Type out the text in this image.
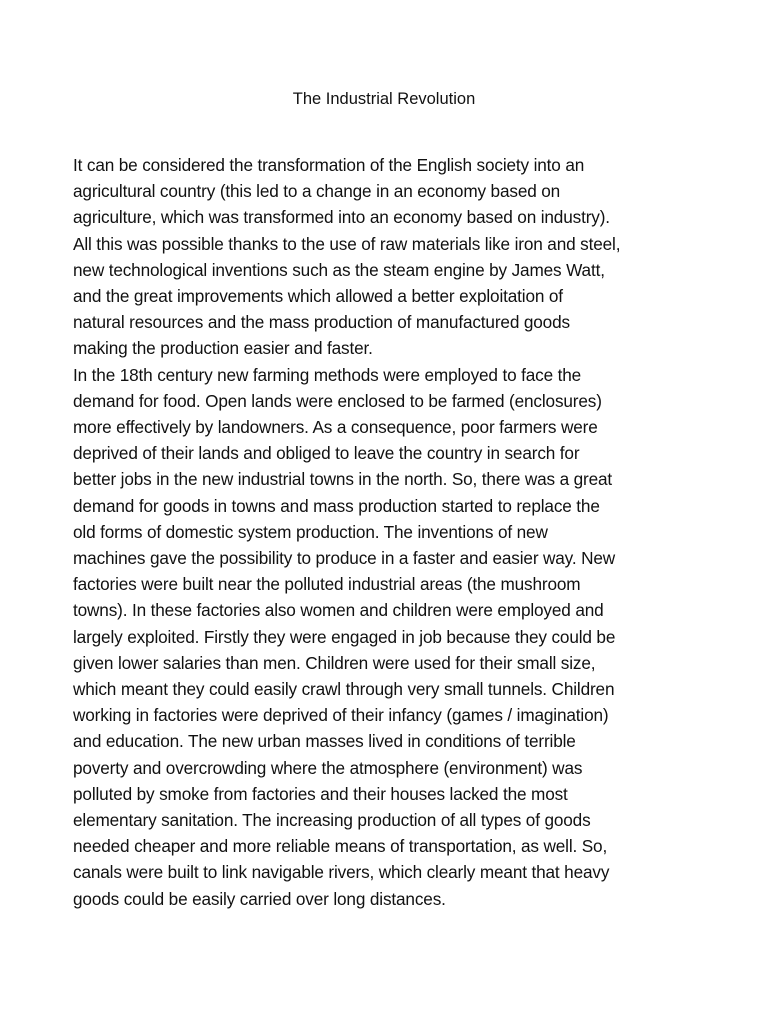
The Industrial Revolution
It can be considered the transformation of the English society into an
agricultural country (this led to a change in an economy based on
agriculture, which was transformed into an economy based on industry).
All this was possible thanks to the use of raw materials like iron and steel,
new technological inventions such as the steam engine by James Watt,
and the great improvements which allowed a better exploitation of
natural resources and the mass production of manufactured goods
making the production easier and faster.
In the 18th century new farming methods were employed to face the
demand for food. Open lands were enclosed to be farmed (enclosures)
more effectively by landowners. As a consequence, poor farmers were
deprived of their lands and obliged to leave the country in search for
better jobs in the new industrial towns in the north. So, there was a great
demand for goods in towns and mass production started to replace the
old forms of domestic system production. The inventions of new
machines gave the possibility to produce in a faster and easier way. New
factories were built near the polluted industrial areas (the mushroom
towns). In these factories also women and children were employed and
largely exploited. Firstly they were engaged in job because they could be
given lower salaries than men. Children were used for their small size,
which meant they could easily crawl through very small tunnels. Children
working in factories were deprived of their infancy (games / imagination)
and education. The new urban masses lived in conditions of terrible
poverty and overcrowding where the atmosphere (environment) was
polluted by smoke from factories and their houses lacked the most
elementary sanitation. The increasing production of all types of goods
needed cheaper and more reliable means of transportation, as well. So,
canals were built to link navigable rivers, which clearly meant that heavy
goods could be easily carried over long distances.
